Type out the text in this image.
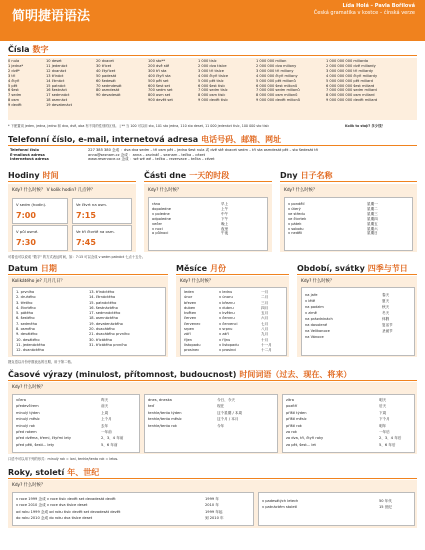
简明捷语语法
Lída Holá – Pavla Bořilová
Česká gramatika v kostce – čínská verze
Čísla 数字
0 nula
1 jedna*
2 dvě*
3 tři
4 čtyři
5 pět
6 šest
7 sedm
8 osm
9 devět
10 deset
11 jedenáct
12 dvanáct
13 třináct
14 čtrnáct
15 patnáct
16 šestnáct
17 sedmnáct
18 osmnáct
19 devatenáct
20 dvacet
30 třicet
40 čtyřicet
50 padesát
60 šedesát
70 sedmdesát
80 osmdesát
90 devadesát
100 sto**
200 dvě stě
300 tři sta
400 čtyři sta
500 pět set
600 šest set
700 sedm set
800 osm set
900 devět set
1 000 tisíc
2 000 dva tisíce
3 000 tři tisíce
4 000 čtyři tisíce
5 000 pět tisíc
6 000 šest tisíc
7 000 sedm tisíc
8 000 osm tisíc
9 000 devět tisíc
1 000 000 milion
2 000 000 dva miliony
3 000 000 tři miliony
4 000 000 čtyři miliony
5 000 000 pět milionů
6 000 000 šest milionů
7 000 000 sedm milionů
8 000 000 osm milionů
9 000 000 devět milionů
1 000 000 000 miliarda
2 000 000 000 dvě miliardy
3 000 000 000 tři miliardy
4 000 000 000 čtyři miliardy
5 000 000 000 pět miliard
6 000 000 000 šest miliard
7 000 000 000 sedm miliard
8 000 000 000 osm miliard
9 000 000 000 devět miliard
* 下配置词 jeden, jedna, jedno 和 dva, dvě, oba 有不同的性别的区别。 | ** 当 100 可以用 sto, 101 sto jedna, 110 sto deset, 11 000 jedenáct tisíc, 100 000 sto tisíc	Kolik to stojí? 多少钱？
Telefonní číslo, e-mail, internetová adresa 电话号码、邮箱、网址
Telefonní číslo
E-mailová adresa
Internetová adresa
227 385 380 念成 ：dva dva sedm – tři osm pět – jedna šest nula 或 dvě stě dvacet sedm – tři sta osmdesát pět – sto šedesát tři
anna@seznam.cz 念成 ：anna – zavináč – seznam – tečka – cézet
www.reservace.cz 念成 ：wé wé wé – tečka – rezervace – tečka – cézet
Hodiny 时间
Kdy? 什么时候？ V kolik hodin? 几点钟？
V sedm (hodin).
7:00
Ve čtvrt na osm.
7:15
V půl osmé.
7:30
Ve tři čtvrtě na osm.
7:45
Části dne 一天的时段
Kdy? 什么时候？
ráno
dopoledne
v poledne
odpoledne
večer
v noci
o půlnoci
早上
上午
中午
下午
晚上
夜里
午夜
Dny 日子名称
Kdy? 什么时候？
v pondělí
v úterý
ve středu
ve čtvrtek
v pátek
v sobotu
v neděli
星期一
星期二
星期三
星期四
星期五
星期六
星期日
可看也可以说成 "数字" 的方式表达时间，如：7:15 可以念成 v sedm patnáct 七点十五分。
Datum 日期
Kolikátého je? 几月几日？
1. prvního
2. druhého
3. třetího
4. čtvrtého
5. pátého
6. šestého
7. sedmého
8. osmého
9. devátého
10. desátého
11. jedenáctého
12. dvanáctého
13. třináctého
14. čtrnáctého
15. patnáctého
16. šestnáctého
17. sedmnáctého
18. osmnáctého
19. devatenáctého
20. dvacátého
21. dvacátého prvního
30. třicátého
31. třicátého prvního
Měsíce 月份
Kdy? 什么时候？
leden
únor
březen
duben
květen
červen
červenec
srpen
září
říjen
listopadu
prosinec
v lednu
v únoru
v březnu
v dubnu
v květnu
v červnu
v červenci
v srpnu
v září
v říjnu
v listopadu
v prosinci
一月
二月
三月
四月
五月
六月
七月
八月
九月
十月
十一月
十二月
Období, svátky 四季与节日
Kdy? 什么时候？
na jaře
v létě
na podzim
v zimě
na prázdninách
na dovolené
na Velikonoce
na Vánoce
春天
夏天
秋天
冬天
休假
复活节
圣诞节
捷克语以月份序数表达的日期，用于第二格。
Časové výrazy (minulost, přítomnost, budoucnost) 时间词语（过去、现在、将来）
Kdy? 什么时候？
včera
předevčírem
minulý týden
minulý měsíc
minulý rok
před rokem
před dvěma, třemi, čtyřmi lety
před pěti, šesti... lety
昨天
前天
上周
上个月
去年
一年前
2、3、4 年前
5、6 年前
dnes, dneska
teď
tenhle/tento týden
tenhle/tento měsíc
tenhle/tento rok
今日、今天
现在
这个星期 / 本周
这个月 / 本月
今年
zítra
pozítří
příští týden
příští měsíc
příští rok
za rok
za dva, tři, čtyři roky
za pět, šest... let
明天
后天
下周
下个月
明年
一年后
2、3、4 年后
5、6 年后
口语中可以用下列的形式：minulý rok = loni, tenhle/tento rok = letos.
Roky, století 年、世纪
Kdy? 什么时候？
v roce 1999 念成 v roce tisíc devět set devadesát devět
v roce 2010 念成 v roce dva tisíce deset
od roku 1999 念成 od roku tisíc devět set devadesát devět
do roku 2010 念成 do roku dva tisíce deset
1999 年
2010 年
1999 年起
到 2010 年
v padesátých letech
v patnáctém století
50 年代
15 世纪
